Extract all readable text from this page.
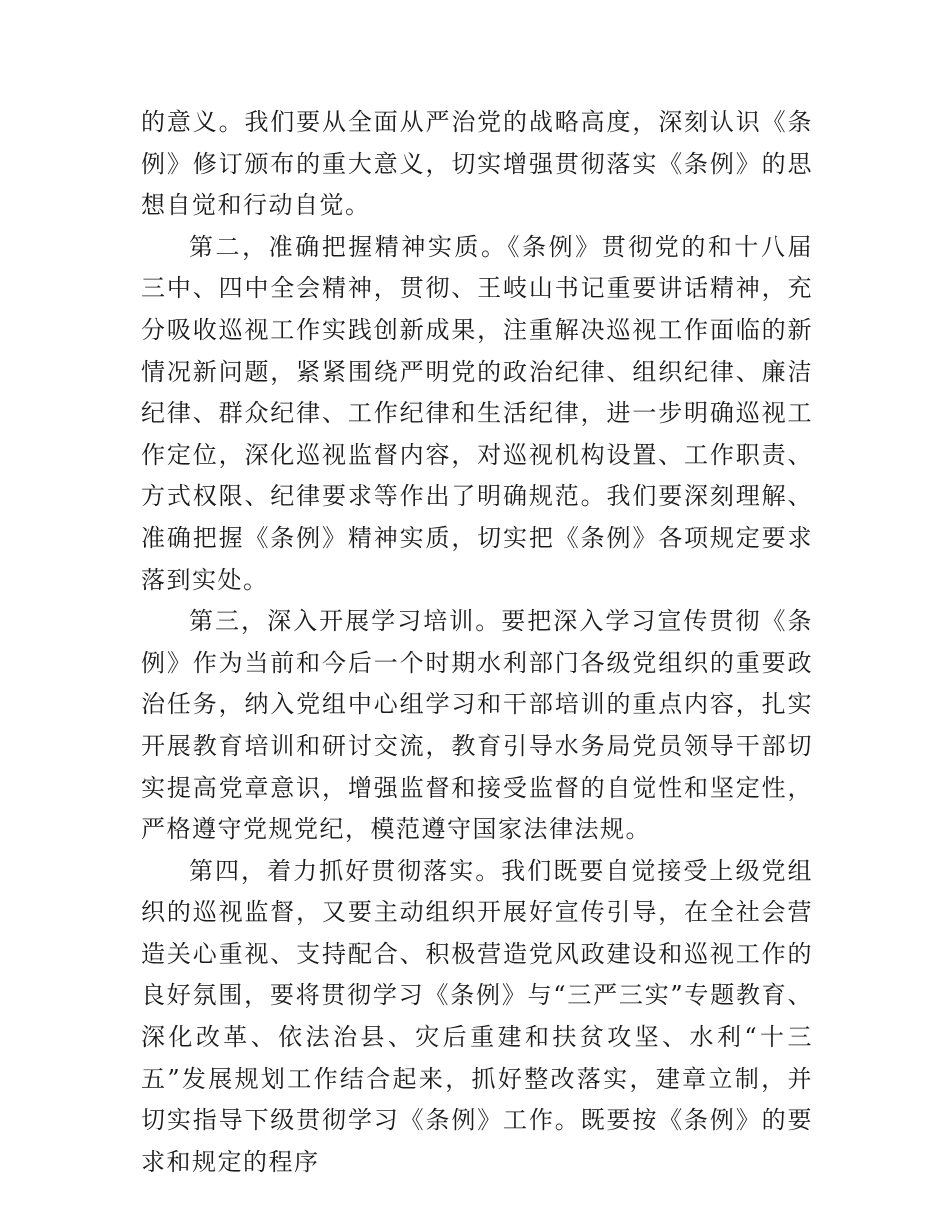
的意义。我们要从全面从严治党的战略高度，深刻认识《条例》修订颁布的重大意义，切实增强贯彻落实《条例》的思想自觉和行动自觉。

第二，准确把握精神实质。《条例》贯彻党的和十八届三中、四中全会精神，贯彻、王岐山书记重要讲话精神，充分吸收巡视工作实践创新成果，注重解决巡视工作面临的新情况新问题，紧紧围绕严明党的政治纪律、组织纪律、廉洁纪律、群众纪律、工作纪律和生活纪律，进一步明确巡视工作定位，深化巡视监督内容，对巡视机构设置、工作职责、方式权限、纪律要求等作出了明确规范。我们要深刻理解、准确把握《条例》精神实质，切实把《条例》各项规定要求落到实处。

第三，深入开展学习培训。要把深入学习宣传贯彻《条例》作为当前和今后一个时期水利部门各级党组织的重要政治任务，纳入党组中心组学习和干部培训的重点内容，扎实开展教育培训和研讨交流，教育引导水务局党员领导干部切实提高党章意识，增强监督和接受监督的自觉性和坚定性，严格遵守党规党纪，模范遵守国家法律法规。

第四，着力抓好贯彻落实。我们既要自觉接受上级党组织的巡视监督，又要主动组织开展好宣传引导，在全社会营造关心重视、支持配合、积极营造党风政建设和巡视工作的良好氛围，要将贯彻学习《条例》与“三严三实”专题教育、深化改革、依法治县、灾后重建和扶贫攻坚、水利“十三五”发展规划工作结合起来，抓好整改落实，建章立制，并切实指导下级贯彻学习《条例》工作。既要按《条例》的要求和规定的程序
